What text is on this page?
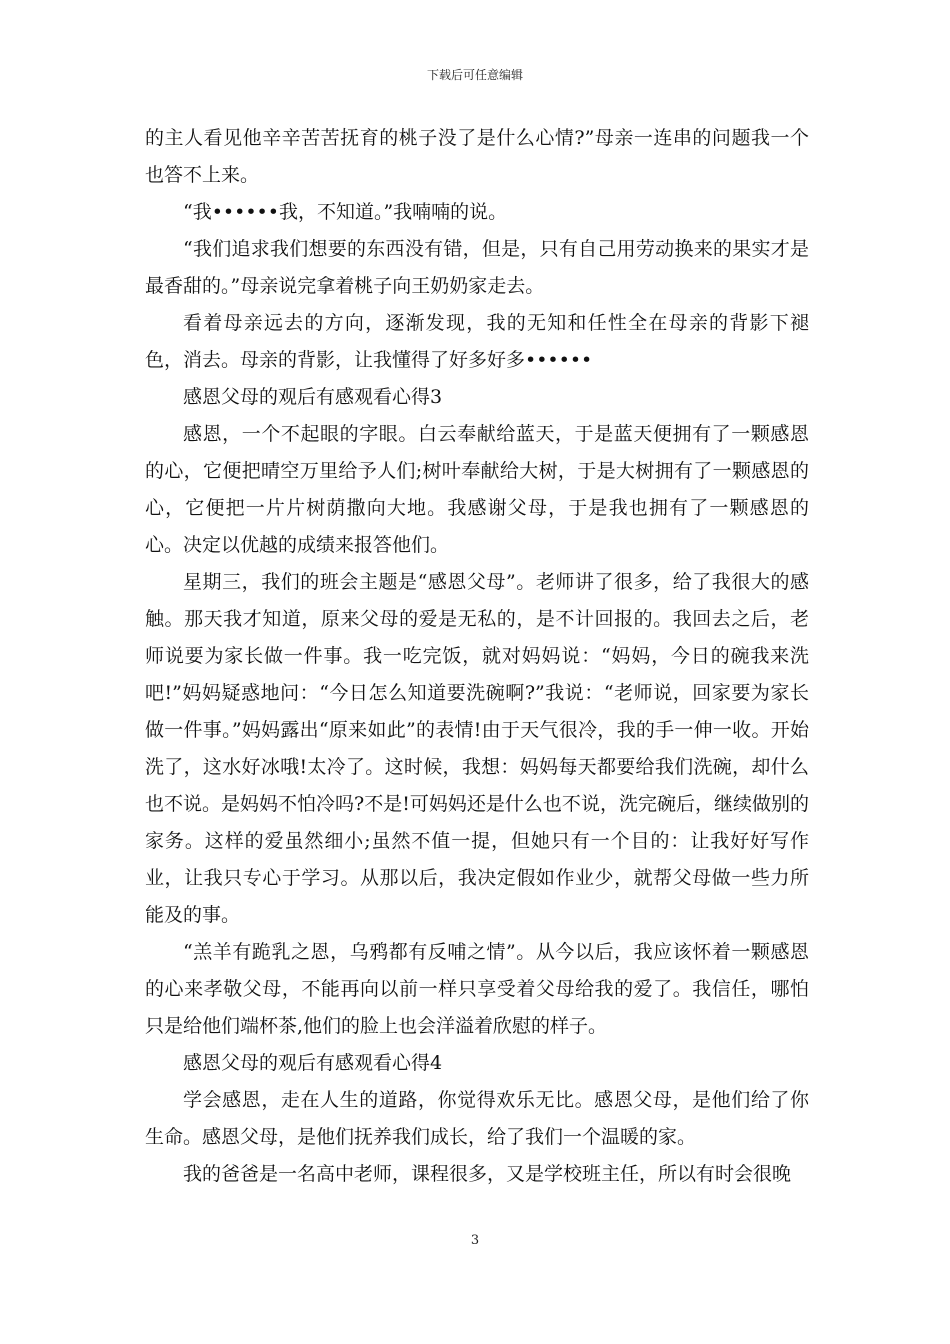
下载后可任意编辑

的主人看见他辛辛苦苦抚育的桃子没了是什么心情?”母亲一连串的问题我一个也答不上来。

“我••••••我，不知道。”我喃喃的说。

“我们追求我们想要的东西没有错，但是，只有自己用劳动换来的果实才是最香甜的。”母亲说完拿着桃子向王奶奶家走去。

看着母亲远去的方向，逐渐发现，我的无知和任性全在母亲的背影下褪色，消去。母亲的背影，让我懂得了好多好多••••••

感恩父母的观后有感观看心得3

感恩，一个不起眼的字眼。白云奉献给蓝天，于是蓝天便拥有了一颗感恩的心，它便把晴空万里给予人们;树叶奉献给大树，于是大树拥有了一颗感恩的心，它便把一片片树荫撒向大地。我感谢父母，于是我也拥有了一颗感恩的心。决定以优越的成绩来报答他们。

星期三，我们的班会主题是“感恩父母”。老师讲了很多，给了我很大的感触。那天我才知道，原来父母的爱是无私的，是不计回报的。我回去之后，老师说要为家长做一件事。我一吃完饭，就对妈妈说：“妈妈，今日的碗我来洗吧!”妈妈疑惑地问：“今日怎么知道要洗碗啊?”我说：“老师说，回家要为家长做一件事。”妈妈露出“原来如此”的表情!由于天气很冷，我的手一伸一收。开始洗了，这水好冰哦!太冷了。这时候，我想：妈妈每天都要给我们洗碗，却什么也不说。是妈妈不怕冷吗?不是!可妈妈还是什么也不说，洗完碗后，继续做别的家务。这样的爱虽然细小;虽然不值一提，但她只有一个目的：让我好好写作业，让我只专心于学习。从那以后，我决定假如作业少，就帮父母做一些力所能及的事。

“羔羊有跪乳之恩，乌鸦都有反哺之情”。从今以后，我应该怀着一颗感恩的心来孝敬父母，不能再向以前一样只享受着父母给我的爱了。我信任，哪怕只是给他们端杯茶,他们的脸上也会洋溢着欣慰的样子。

感恩父母的观后有感观看心得4

学会感恩，走在人生的道路，你觉得欢乐无比。感恩父母，是他们给了你生命。感恩父母，是他们抚养我们成长，给了我们一个温暖的家。

我的爸爸是一名高中老师，课程很多，又是学校班主任，所以有时会很晚

3
